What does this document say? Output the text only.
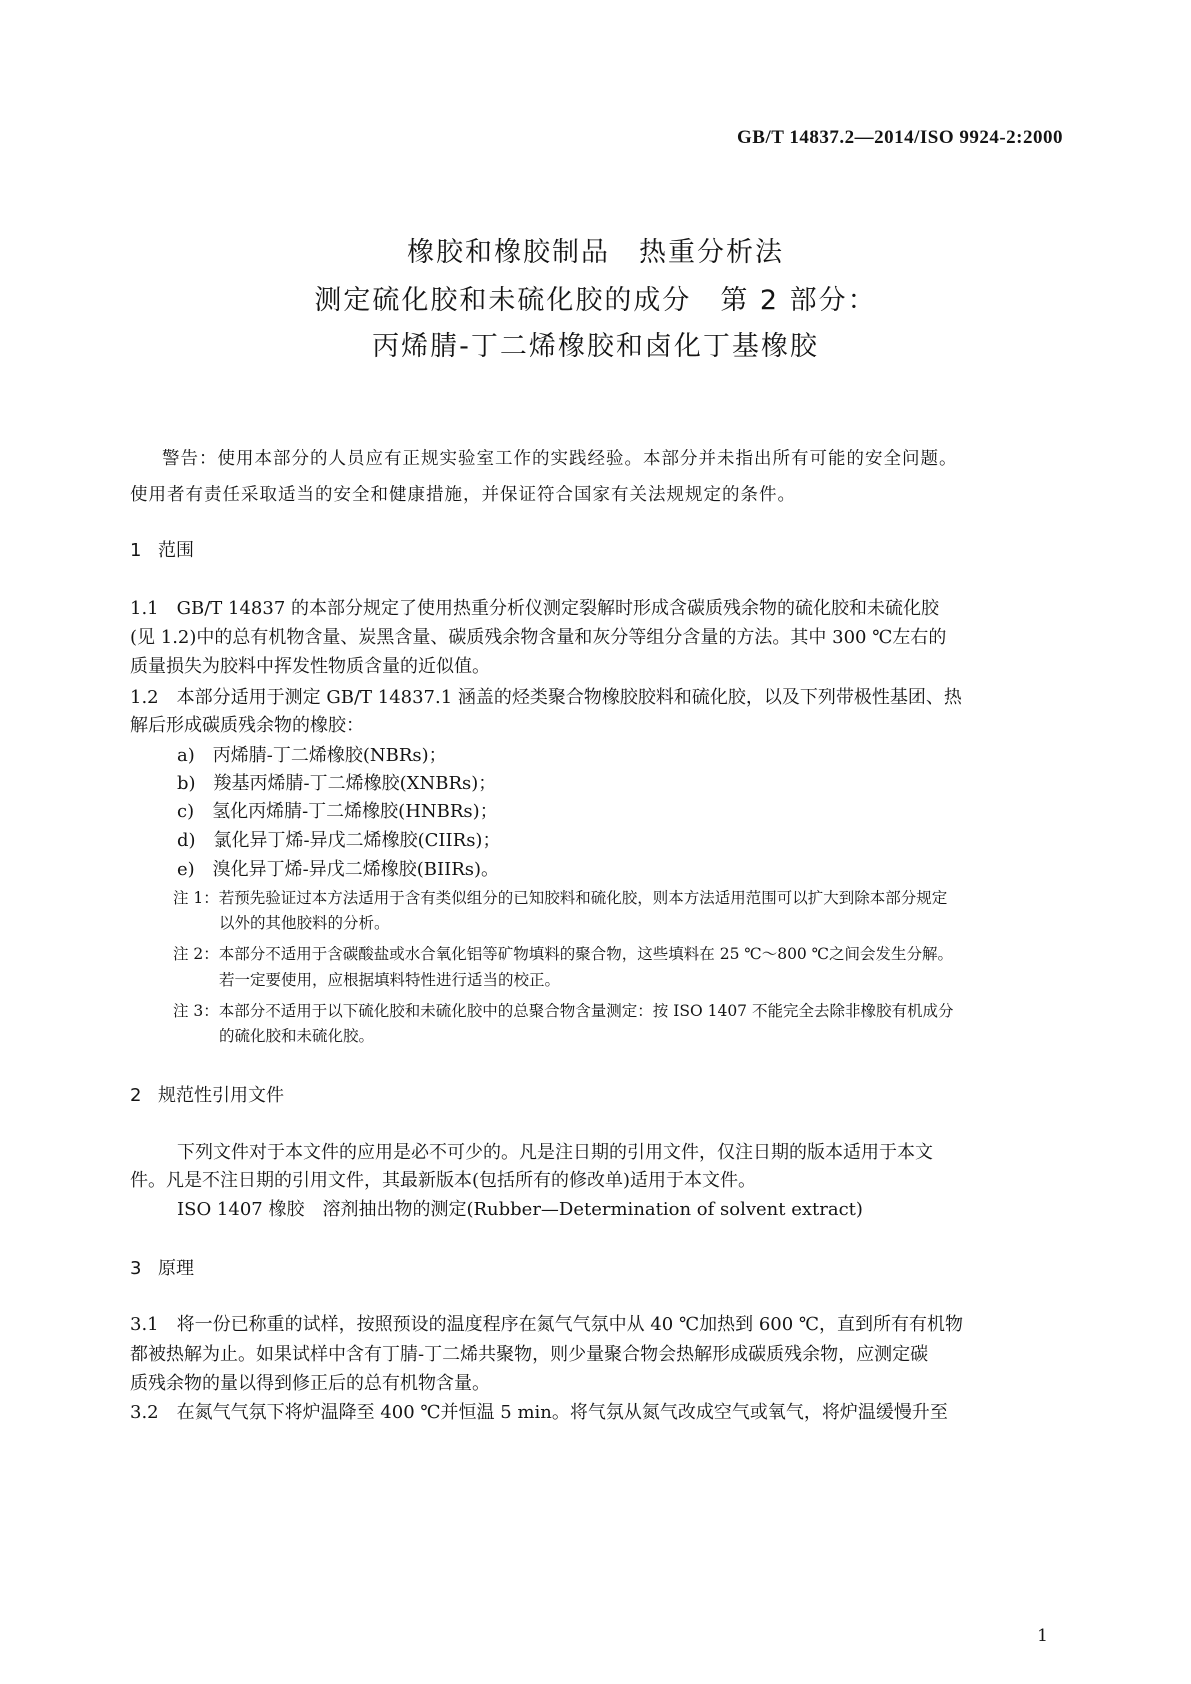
GB/T 14837.2—2014/ISO 9924-2:2000
橡胶和橡胶制品　热重分析法
测定硫化胶和未硫化胶的成分　第 2 部分：
丙烯腈-丁二烯橡胶和卤化丁基橡胶
警告：使用本部分的人员应有正规实验室工作的实践经验。本部分并未指出所有可能的安全问题。
使用者有责任采取适当的安全和健康措施，并保证符合国家有关法规规定的条件。
1 范围
1.1　GB/T 14837 的本部分规定了使用热重分析仪测定裂解时形成含碳质残余物的硫化胶和未硫化胶
(见 1.2)中的总有机物含量、炭黑含量、碳质残余物含量和灰分等组分含量的方法。其中 300 ℃左右的
质量损失为胶料中挥发性物质含量的近似值。
1.2　本部分适用于测定 GB/T 14837.1 涵盖的烃类聚合物橡胶胶料和硫化胶，以及下列带极性基团、热
解后形成碳质残余物的橡胶：
a)　丙烯腈-丁二烯橡胶(NBRs)；
b)　羧基丙烯腈-丁二烯橡胶(XNBRs)；
c)　氢化丙烯腈-丁二烯橡胶(HNBRs)；
d)　氯化异丁烯-异戊二烯橡胶(CIIRs)；
e)　溴化异丁烯-异戊二烯橡胶(BIIRs)。
注 1：若预先验证过本方法适用于含有类似组分的已知胶料和硫化胶，则本方法适用范围可以扩大到除本部分规定
以外的其他胶料的分析。
注 2：本部分不适用于含碳酸盐或水合氧化铝等矿物填料的聚合物，这些填料在 25 ℃～800 ℃之间会发生分解。
若一定要使用，应根据填料特性进行适当的校正。
注 3：本部分不适用于以下硫化胶和未硫化胶中的总聚合物含量测定：按 ISO 1407 不能完全去除非橡胶有机成分
的硫化胶和未硫化胶。
2 规范性引用文件
下列文件对于本文件的应用是必不可少的。凡是注日期的引用文件，仅注日期的版本适用于本文
件。凡是不注日期的引用文件，其最新版本(包括所有的修改单)适用于本文件。
ISO 1407 橡胶　溶剂抽出物的测定(Rubber—Determination of solvent extract)
3 原理
3.1　将一份已称重的试样，按照预设的温度程序在氮气气氛中从 40 ℃加热到 600 ℃，直到所有有机物
都被热解为止。如果试样中含有丁腈-丁二烯共聚物，则少量聚合物会热解形成碳质残余物，应测定碳
质残余物的量以得到修正后的总有机物含量。
3.2　在氮气气氛下将炉温降至 400 ℃并恒温 5 min。将气氛从氮气改成空气或氧气，将炉温缓慢升至
1
